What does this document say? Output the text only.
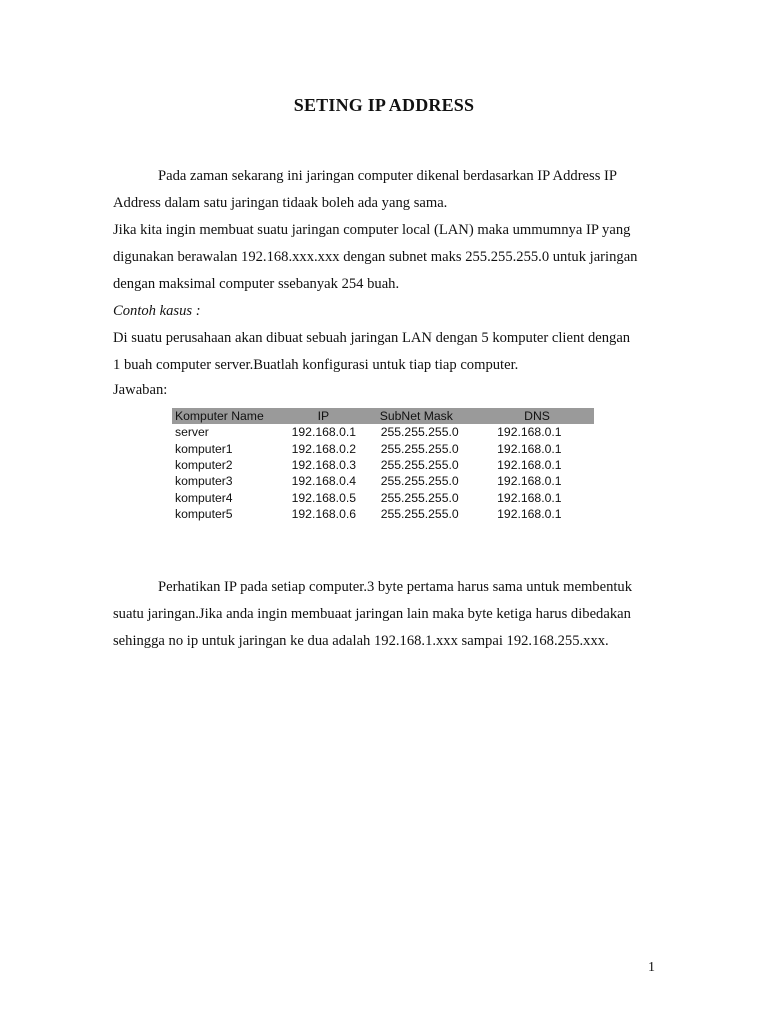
SETING IP ADDRESS
Pada zaman sekarang ini jaringan computer dikenal berdasarkan IP Address IP
Address dalam satu jaringan tidaak boleh ada yang sama.
Jika kita ingin membuat suatu jaringan computer local (LAN) maka ummumnya IP yang
digunakan berawalan 192.168.xxx.xxx dengan subnet maks 255.255.255.0 untuk jaringan
dengan maksimal computer ssebanyak 254 buah.
Contoh kasus :
Di suatu perusahaan akan dibuat sebuah jaringan LAN dengan 5 komputer client dengan
1 buah computer server.Buatlah konfigurasi untuk tiap tiap computer.
Jawaban:
Komputer Name	IP	SubNet Mask	DNS
server	192.168.0.1	255.255.255.0	192.168.0.1
komputer1	192.168.0.2	255.255.255.0	192.168.0.1
komputer2	192.168.0.3	255.255.255.0	192.168.0.1
komputer3	192.168.0.4	255.255.255.0	192.168.0.1
komputer4	192.168.0.5	255.255.255.0	192.168.0.1
komputer5	192.168.0.6	255.255.255.0	192.168.0.1
Perhatikan IP pada setiap computer.3 byte pertama harus sama untuk membentuk
suatu jaringan.Jika anda ingin membuaat jaringan lain maka byte ketiga harus dibedakan
sehingga no ip untuk jaringan ke dua adalah 192.168.1.xxx sampai 192.168.255.xxx.
1
